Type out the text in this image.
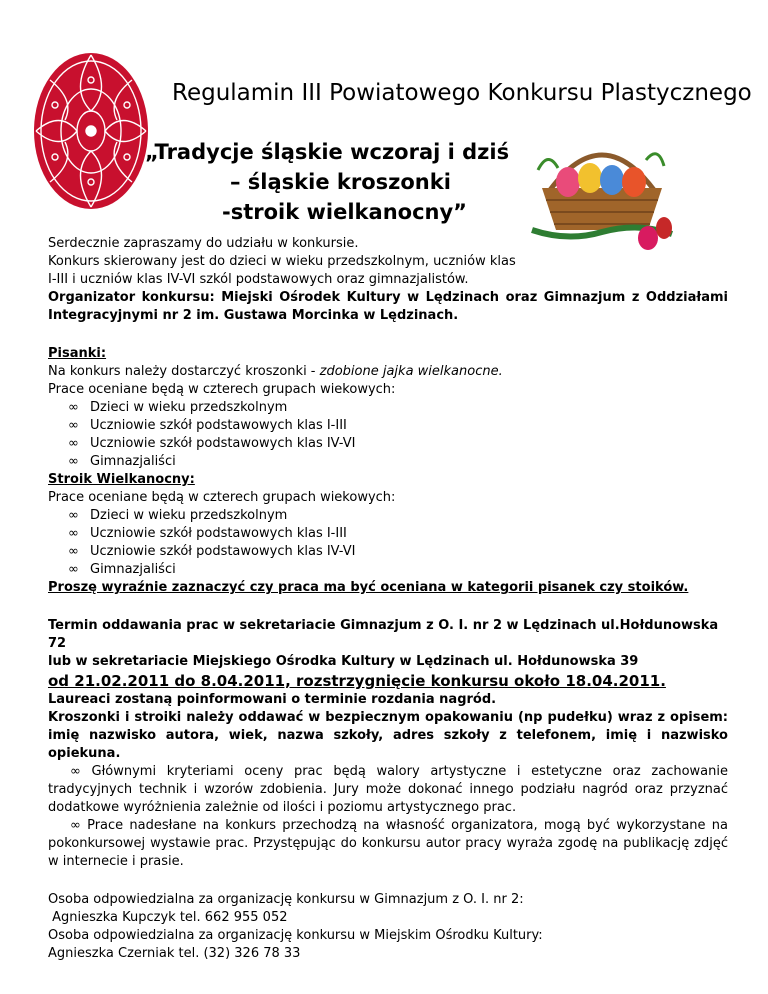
Regulamin III Powiatowego Konkursu Plastycznego
„Tradycje śląskie wczoraj i dziś
– śląskie kroszonki
-stroik wielkanocny”

Serdecznie zapraszamy do udziału w konkursie.

Konkurs skierowany jest do dzieci w wieku przedszkolnym, uczniów klas

I-III i uczniów klas IV-VI szkól podstawowych oraz gimnazjalistów.

Organizator konkursu: Miejski Ośrodek Kultury w Lędzinach oraz Gimnazjum z Oddziałami Integracyjnymi nr 2 im. Gustawa Morcinka w Lędzinach.

Pisanki:

Na konkurs należy dostarczyć kroszonki - zdobione jajka wielkanocne.

Prace oceniane będą w czterech grupach wiekowych:

∞ Dzieci w wieku przedszkolnym
∞ Uczniowie szkół podstawowych klas I-III
∞ Uczniowie szkół podstawowych klas IV-VI
∞ Gimnazjaliści

Stroik Wielkanocny:

Prace oceniane będą w czterech grupach wiekowych:

∞ Dzieci w wieku przedszkolnym
∞ Uczniowie szkół podstawowych klas I-III
∞ Uczniowie szkół podstawowych klas IV-VI
∞ Gimnazjaliści

Proszę wyraźnie zaznaczyć czy praca ma być oceniana w kategorii pisanek czy stoików.

Termin oddawania prac w sekretariacie Gimnazjum z O. I. nr 2 w Lędzinach ul.Hołdunowska 72

lub w sekretariacie Miejskiego Ośrodka Kultury w Lędzinach ul. Hołdunowska 39

od 21.02.2011 do 8.04.2011, rozstrzygnięcie konkursu około 18.04.2011.

Laureaci zostaną poinformowani o terminie rozdania nagród.

Kroszonki i stroiki należy oddawać w bezpiecznym opakowaniu (np pudełku) wraz z opisem: imię nazwisko autora, wiek, nazwa szkoły, adres szkoły z telefonem, imię i nazwisko opiekuna.

∞ Głównymi kryteriami oceny prac będą walory artystyczne i estetyczne oraz zachowanie tradycyjnych technik i wzorów zdobienia. Jury może dokonać innego podziału nagród oraz przyznać dodatkowe wyróżnienia zależnie od ilości i poziomu artystycznego prac.

∞ Prace nadesłane na konkurs przechodzą na własność organizatora, mogą być wykorzystane na pokonkursowej wystawie prac. Przystępując do konkursu autor pracy wyraża zgodę na publikację zdjęć w internecie i prasie.

Osoba odpowiedzialna za organizację konkursu w Gimnazjum z O. I. nr 2:

Agnieszka Kupczyk tel. 662 955 052

Osoba odpowiedzialna za organizację konkursu w Miejskim Ośrodku Kultury:

Agnieszka Czerniak tel. (32) 326 78 33
